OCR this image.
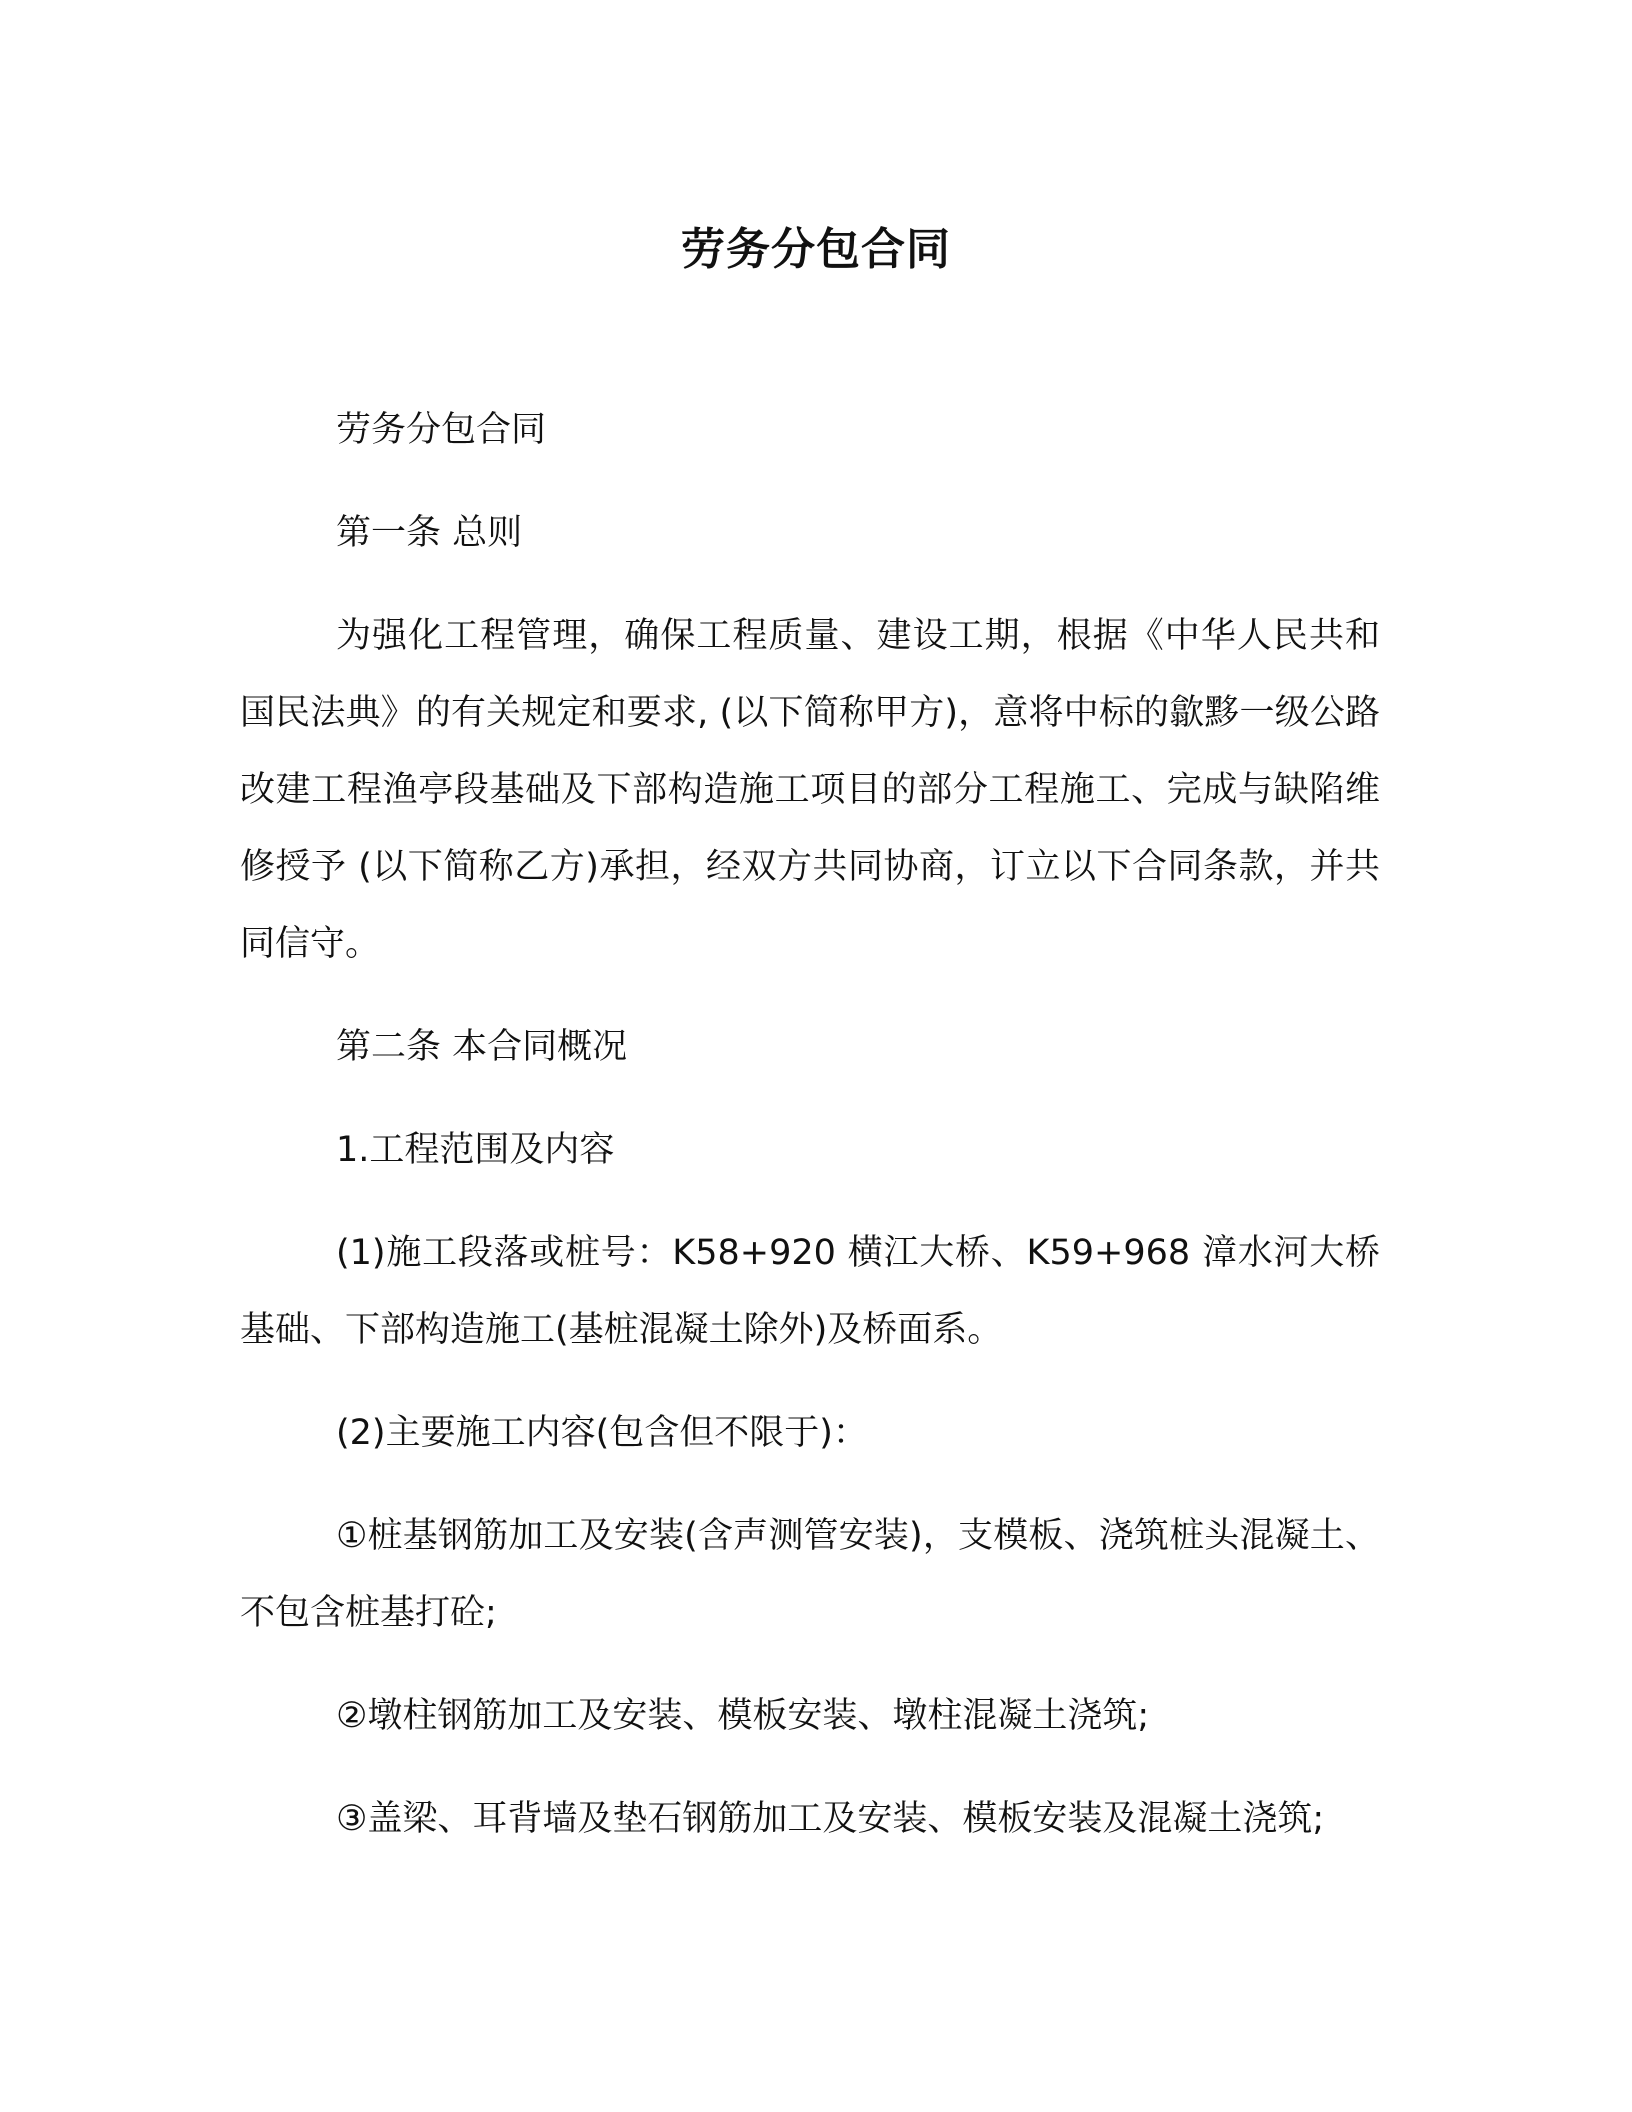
劳务分包合同

劳务分包合同

第一条 总则

为强化工程管理，确保工程质量、建设工期，根据《中华人民共和国民法典》的有关规定和要求, (以下简称甲方)，意将中标的歙黟一级公路改建工程渔亭段基础及下部构造施工项目的部分工程施工、完成与缺陷维修授予 (以下简称乙方)承担，经双方共同协商，订立以下合同条款，并共同信守。

第二条 本合同概况

1.工程范围及内容

(1)施工段落或桩号：K58+920 横江大桥、K59+968 漳水河大桥基础、下部构造施工(基桩混凝土除外)及桥面系。

(2)主要施工内容(包含但不限于)：

①桩基钢筋加工及安装(含声测管安装)，支模板、浇筑桩头混凝土、不包含桩基打砼;

②墩柱钢筋加工及安装、模板安装、墩柱混凝土浇筑;

③盖梁、耳背墙及垫石钢筋加工及安装、模板安装及混凝土浇筑;
